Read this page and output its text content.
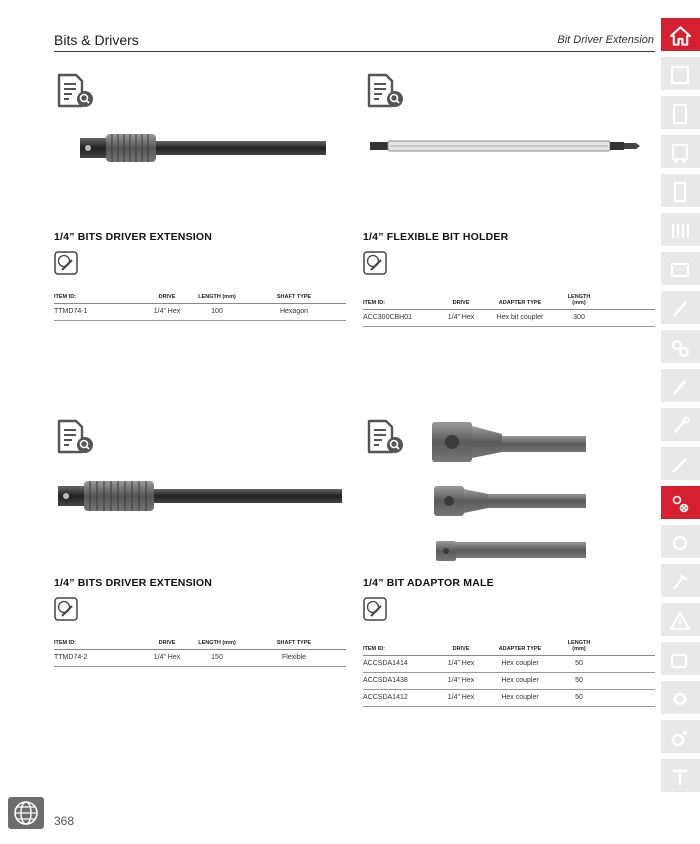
Bits & Drivers	Bit Driver Extension
1/4” BITS DRIVER EXTENSION
ITEM ID:	DRIVE	LENGTH (mm)	SHAFT TYPE
TTMD74-1	1/4” Hex	100	Hexagon
1/4” FLEXIBLE BIT HOLDER
ITEM ID:	DRIVE	ADAPTER TYPE	LENGTH (mm)	
ACC300CBH01	1/4” Hex	Hex bit coupler	300	
1/4” BITS DRIVER EXTENSION
ITEM ID:	DRIVE	LENGTH (mm)	SHAFT TYPE
TTMD74-2	1/4” Hex	150	Flexible
1/4” BIT ADAPTOR MALE
ITEM ID:	DRIVE	ADAPTER TYPE	LENGTH (mm)	
ACCSDA1414	1/4” Hex	Hex coupler	50	
ACCSDA1438	1/4” Hex	Hex coupler	50	
ACCSDA1412	1/4” Hex	Hex coupler	50	
368
